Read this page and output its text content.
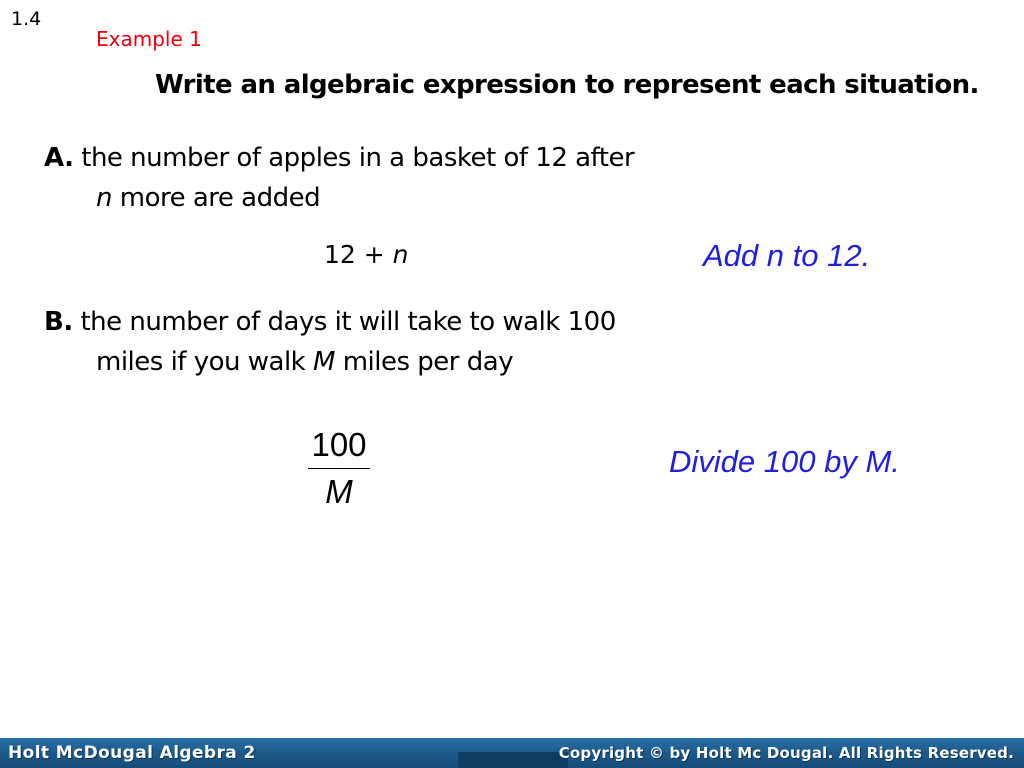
1.4
Example 1
Write an algebraic expression to represent each situation.
A. the number of apples in a basket of 12 after
n more are added
12 + n	Add n to 12.
B. the number of days it will take to walk 100
miles if you walk M miles per day
100
M
Divide 100 by M.
Holt McDougal Algebra 2	Copyright © by Holt Mc Dougal. All Rights Reserved.
